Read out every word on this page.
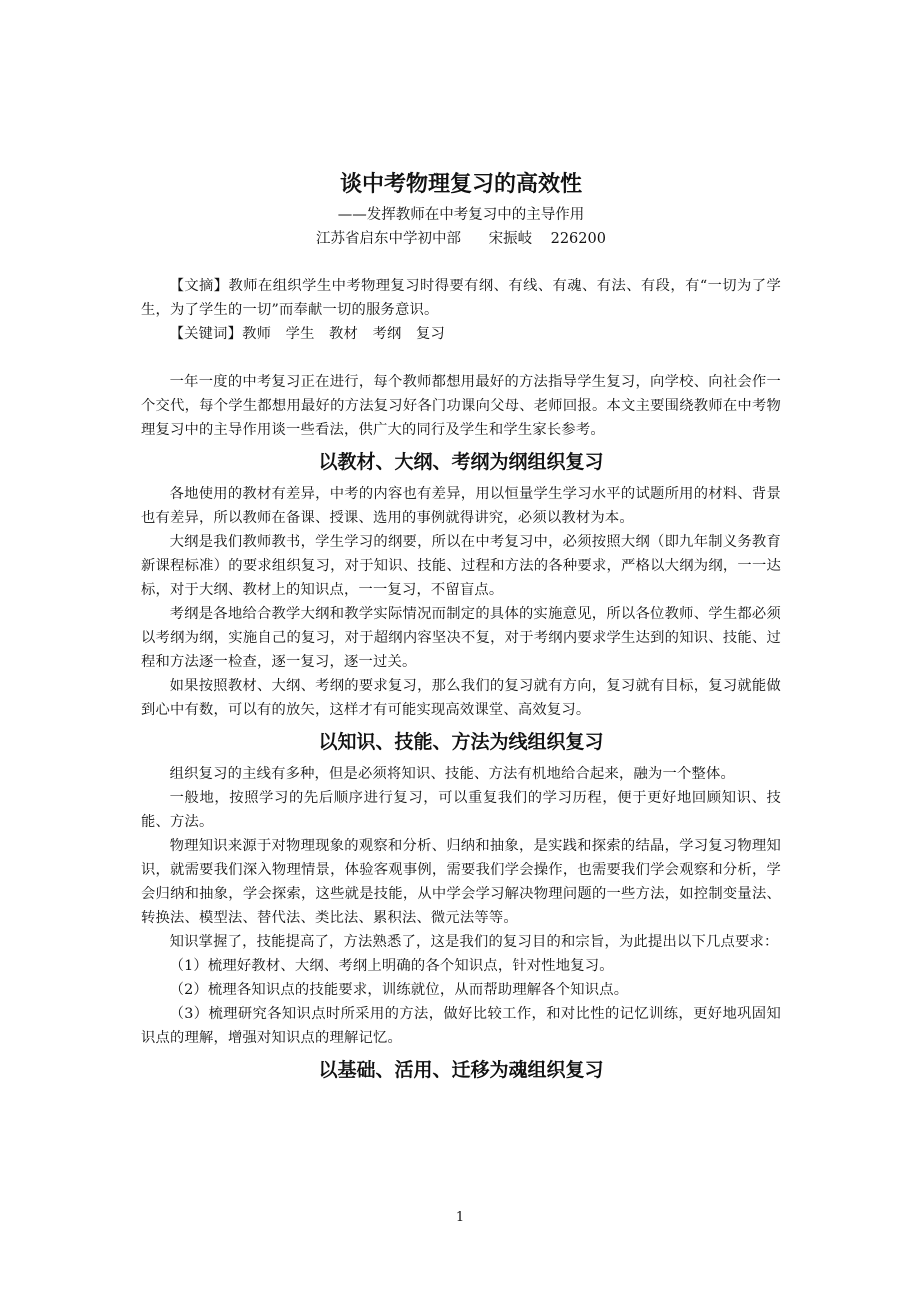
谈中考物理复习的高效性

——发挥教师在中考复习中的主导作用

江苏省启东中学初中部 宋振岐 226200

【文摘】教师在组织学生中考物理复习时得要有纲、有线、有魂、有法、有段，有“一切为了学生，为了学生的一切”而奉献一切的服务意识。

【关键词】教师　学生　教材　考纲　复习

一年一度的中考复习正在进行，每个教师都想用最好的方法指导学生复习，向学校、向社会作一个交代，每个学生都想用最好的方法复习好各门功课向父母、老师回报。本文主要围绕教师在中考物理复习中的主导作用谈一些看法，供广大的同行及学生和学生家长参考。

以教材、大纲、考纲为纲组织复习

各地使用的教材有差异，中考的内容也有差异，用以恒量学生学习水平的试题所用的材料、背景也有差异，所以教师在备课、授课、选用的事例就得讲究，必须以教材为本。

大纲是我们教师教书，学生学习的纲要，所以在中考复习中，必须按照大纲（即九年制义务教育新课程标准）的要求组织复习，对于知识、技能、过程和方法的各种要求，严格以大纲为纲，一一达标，对于大纲、教材上的知识点，一一复习，不留盲点。

考纲是各地给合教学大纲和教学实际情况而制定的具体的实施意见，所以各位教师、学生都必须以考纲为纲，实施自己的复习，对于超纲内容坚决不复，对于考纲内要求学生达到的知识、技能、过程和方法逐一检查，逐一复习，逐一过关。

如果按照教材、大纲、考纲的要求复习，那么我们的复习就有方向，复习就有目标，复习就能做到心中有数，可以有的放矢，这样才有可能实现高效课堂、高效复习。

以知识、技能、方法为线组织复习

组织复习的主线有多种，但是必须将知识、技能、方法有机地给合起来，融为一个整体。

一般地，按照学习的先后顺序进行复习，可以重复我们的学习历程，便于更好地回顾知识、技能、方法。

物理知识来源于对物理现象的观察和分析、归纳和抽象，是实践和探索的结晶，学习复习物理知识，就需要我们深入物理情景，体验客观事例，需要我们学会操作，也需要我们学会观察和分析，学会归纳和抽象，学会探索，这些就是技能，从中学会学习解决物理问题的一些方法，如控制变量法、转换法、模型法、替代法、类比法、累积法、微元法等等。

知识掌握了，技能提高了，方法熟悉了，这是我们的复习目的和宗旨，为此提出以下几点要求：

（1）梳理好教材、大纲、考纲上明确的各个知识点，针对性地复习。

（2）梳理各知识点的技能要求，训练就位，从而帮助理解各个知识点。

（3）梳理研究各知识点时所采用的方法，做好比较工作，和对比性的记忆训练，更好地巩固知识点的理解，增强对知识点的理解记忆。

以基础、活用、迁移为魂组织复习
1
